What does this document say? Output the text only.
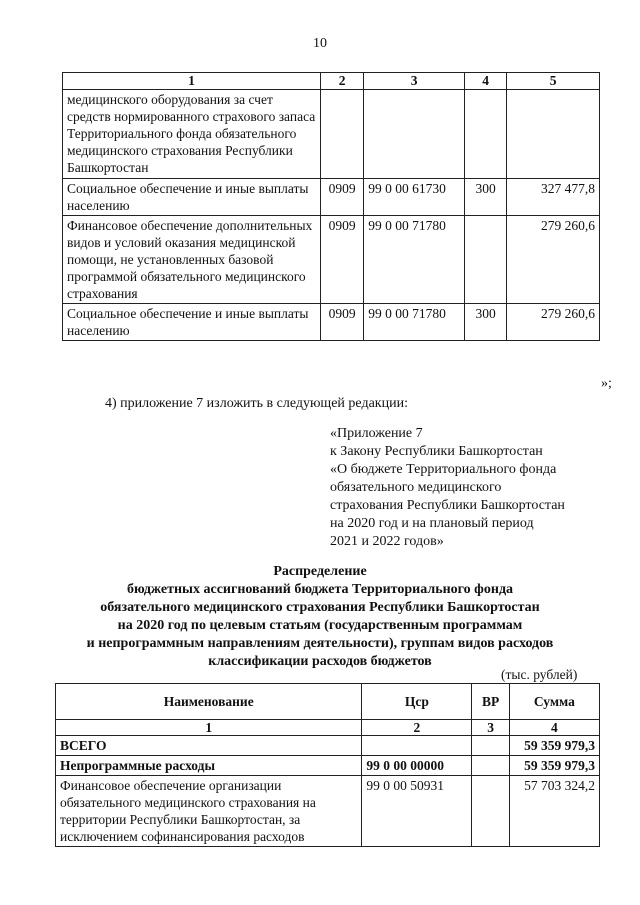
10
1	2	3	4	5
медицинского оборудования за счет средств нормированного страхового запаса Территориального фонда обязательного медицинского страхования Республики Башкортостан				
Социальное обеспечение и иные выплаты населению	0909	99 0 00 61730	300	327 477,8
Финансовое обеспечение дополнительных видов и условий оказания медицинской помощи, не установленных базовой программой обязательного медицинского страхования	0909	99 0 00 71780		279 260,6
Социальное обеспечение и иные выплаты населению	0909	99 0 00 71780	300	279 260,6
»;
4) приложение 7 изложить в следующей редакции:
«Приложение 7
к Закону Республики Башкортостан
«О бюджете Территориального фонда
обязательного медицинского
страхования Республики Башкортостан
на 2020 год и на плановый период
2021 и 2022 годов»
Распределение
бюджетных ассигнований бюджета Территориального фонда
обязательного медицинского страхования Республики Башкортостан
на 2020 год по целевым статьям (государственным программам
и непрограммным направлениям деятельности), группам видов расходов
классификации расходов бюджетов
(тыс. рублей)
Наименование	Цср	ВР	Сумма
1	2	3	4
ВСЕГО			59 359 979,3
Непрограммные расходы	99 0 00 00000		59 359 979,3
Финансовое обеспечение организации обязательного медицинского страхования на территории Республики Башкортостан, за исключением софинансирования расходов	99 0 00 50931		57 703 324,2
